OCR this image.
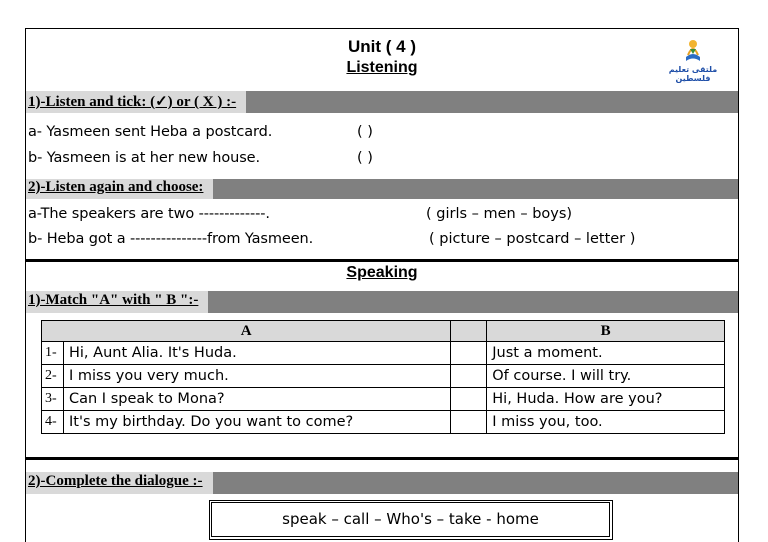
Unit ( 4 )
Listening	ملتقى تعليم فلسطين
1)-Listen and tick: (✓) or ( X ) :-
a- Yasmeen sent Heba a postcard.	( )
b- Yasmeen is at her new house.	( )
2)-Listen again and choose:
a-The speakers are two -------------.	( girls – men – boys)
b- Heba got a ---------------from Yasmeen.	( picture – postcard – letter )
Speaking
1)-Match "A" with " B ":-
A			B
1-	Hi, Aunt Alia. It's Huda.		Just a moment.
2-	I miss you very much.		Of course. I will try.
3-	Can I speak to Mona?		Hi, Huda. How are you?
4-	It's my birthday. Do you want to come?		I miss you, too.
2)-Complete the dialogue :-
speak – call – Who's – take - home
